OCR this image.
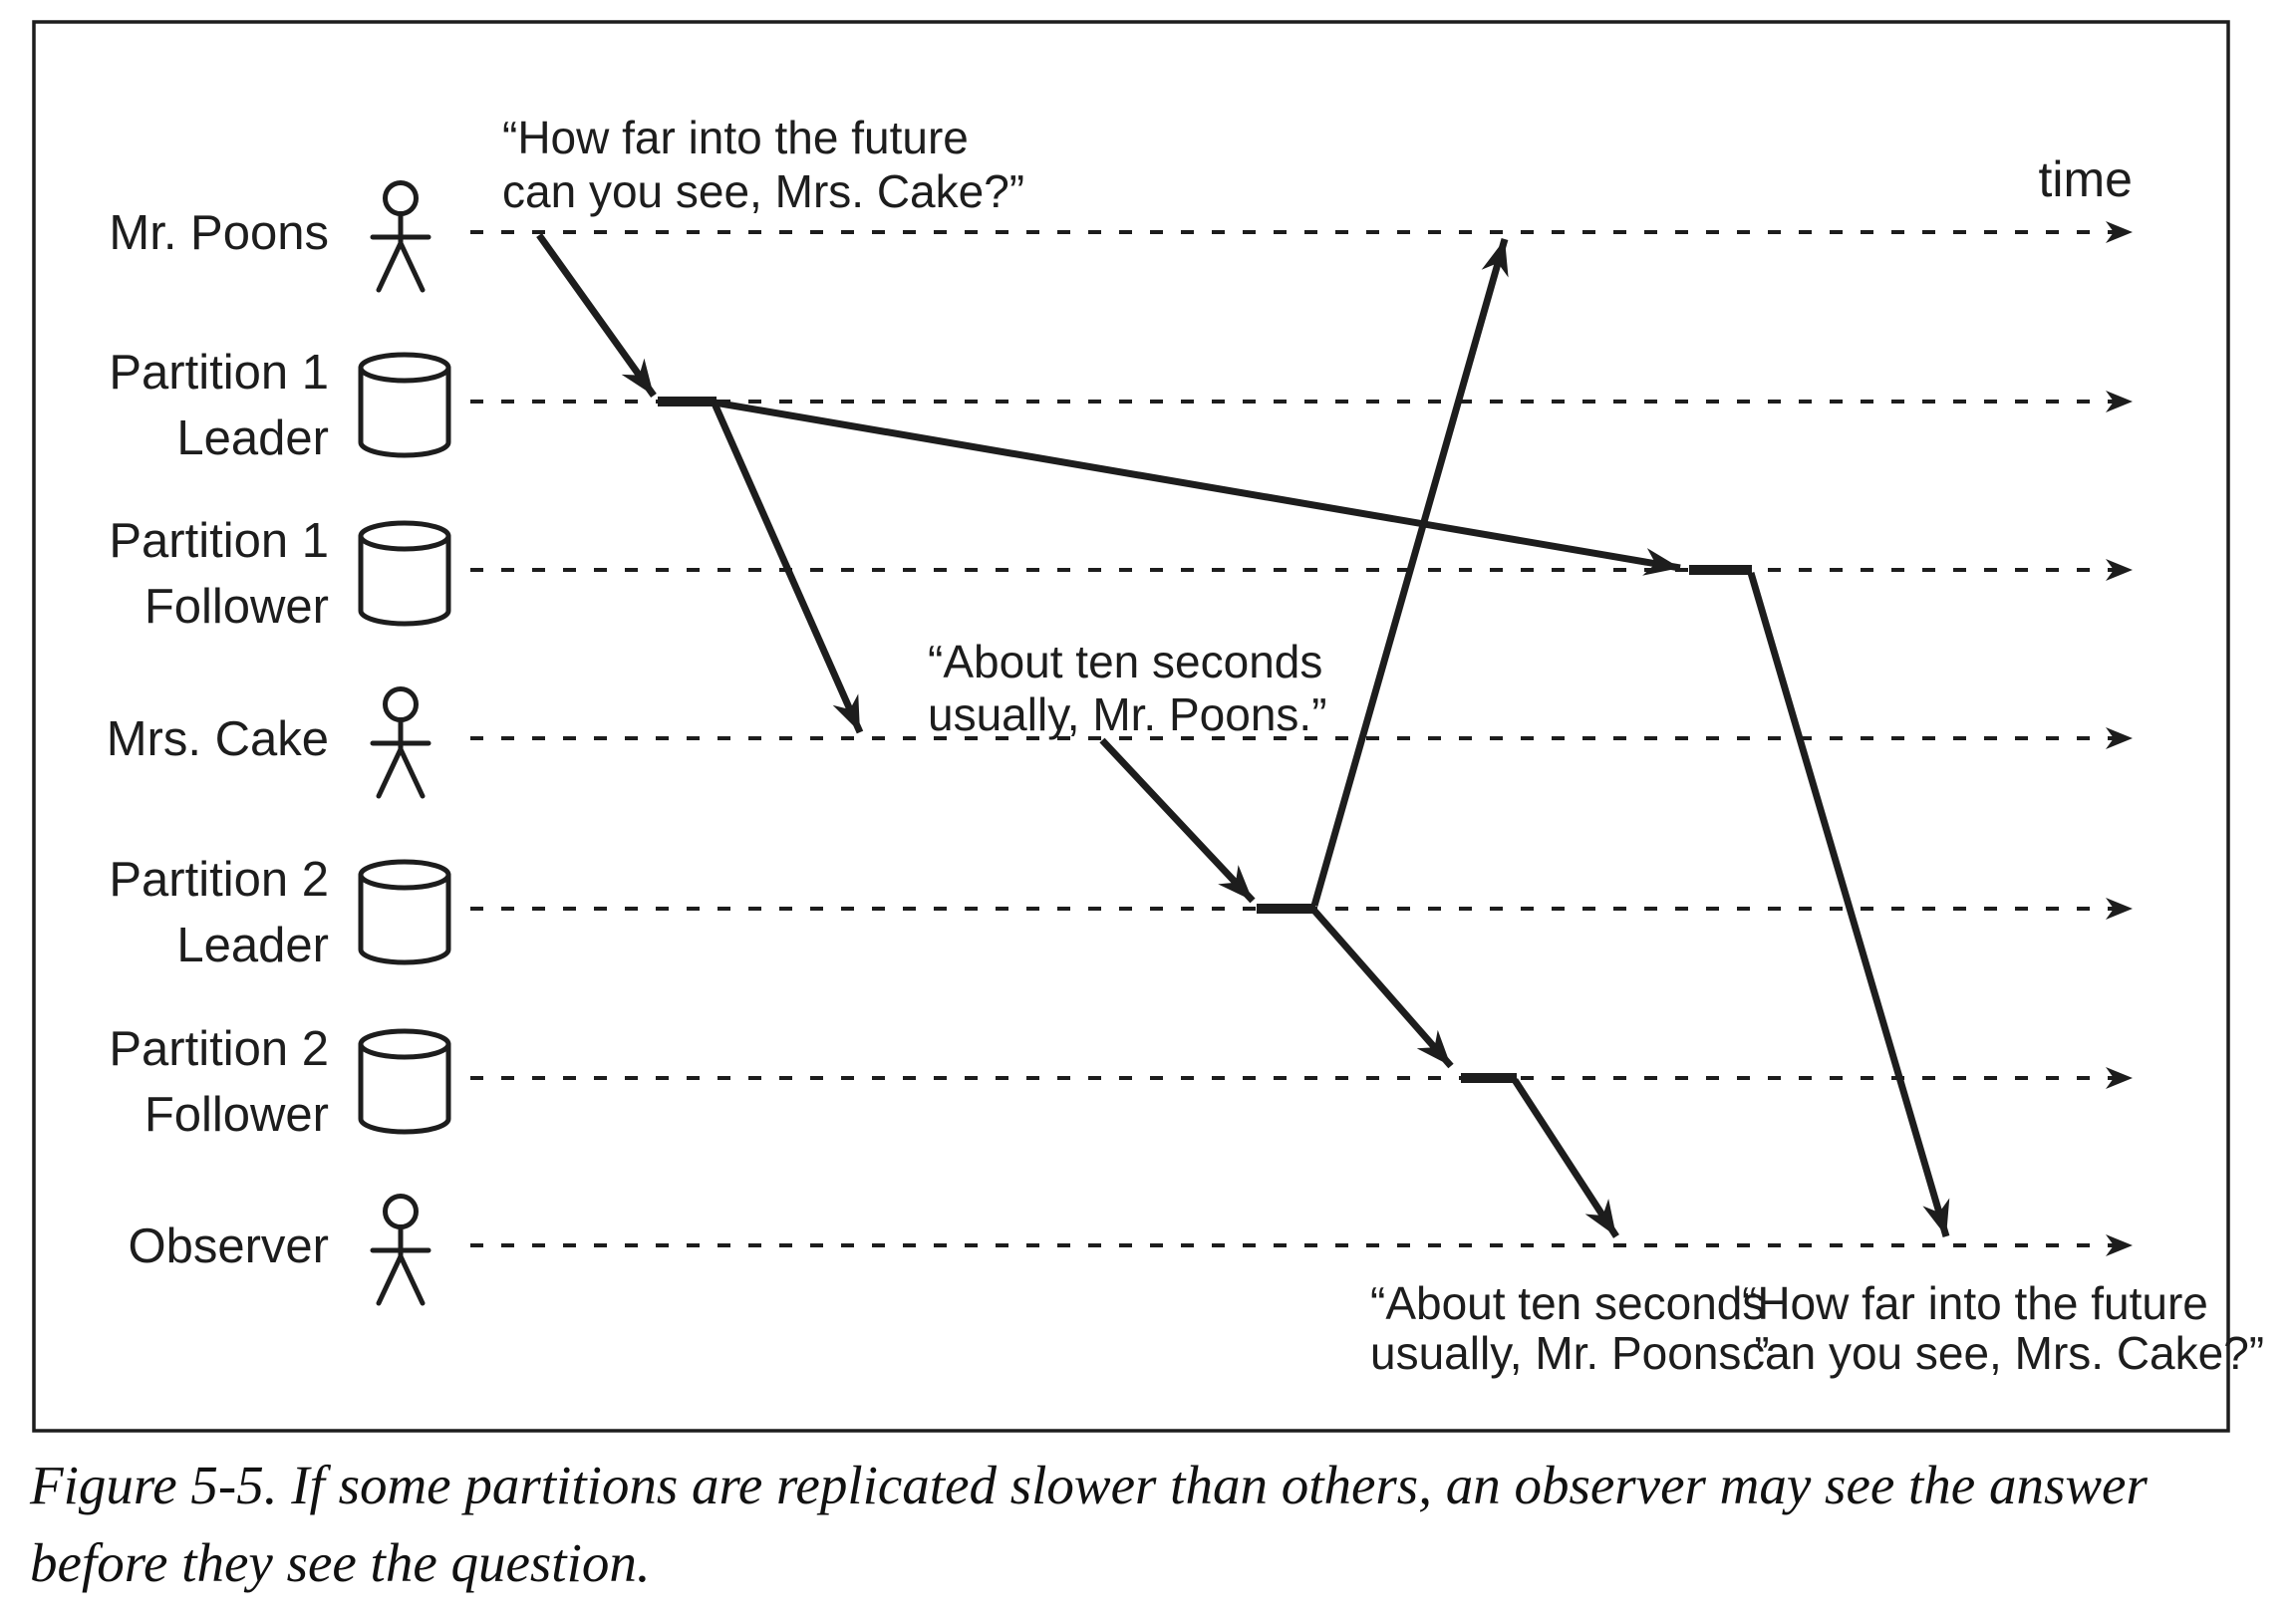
time
Mr. Poons
Partition 1
Leader
Partition 1
Follower
Mrs. Cake
Partition 2
Leader
Partition 2
Follower
Observer
“How far into the future
can you see, Mrs. Cake?”
“About ten seconds
usually, Mr. Poons.”
“About ten seconds
usually, Mr. Poons.”
“How far into the future
can you see, Mrs. Cake?”
Figure 5-5. If some partitions are replicated slower than others, an observer may see the answer before they see the question.
